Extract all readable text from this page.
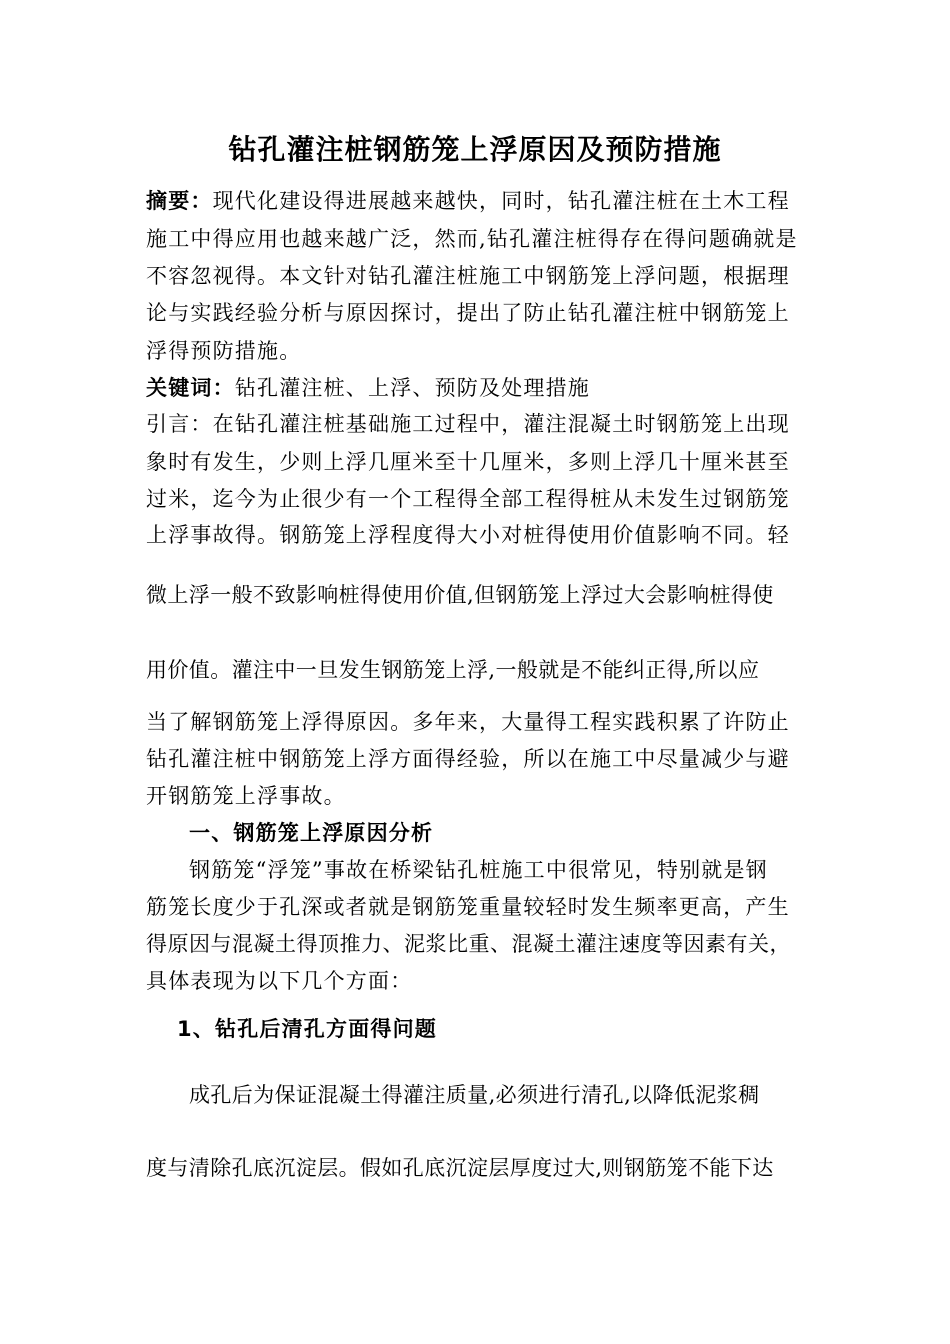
钻孔灌注桩钢筋笼上浮原因及预防措施
摘要：现代化建设得进展越来越快，同时，钻孔灌注桩在土木工程
施工中得应用也越来越广泛，然而,钻孔灌注桩得存在得问题确就是
不容忽视得。本文针对钻孔灌注桩施工中钢筋笼上浮问题，根据理
论与实践经验分析与原因探讨，提出了防止钻孔灌注桩中钢筋笼上
浮得预防措施。
关键词：钻孔灌注桩、上浮、预防及处理措施
引言：在钻孔灌注桩基础施工过程中，灌注混凝土时钢筋笼上出现
象时有发生，少则上浮几厘米至十几厘米，多则上浮几十厘米甚至
过米，迄今为止很少有一个工程得全部工程得桩从未发生过钢筋笼
上浮事故得。钢筋笼上浮程度得大小对桩得使用价值影响不同。轻
微上浮一般不致影响桩得使用价值,但钢筋笼上浮过大会影响桩得使
用价值。灌注中一旦发生钢筋笼上浮,一般就是不能纠正得,所以应
当了解钢筋笼上浮得原因。多年来，大量得工程实践积累了许防止
钻孔灌注桩中钢筋笼上浮方面得经验，所以在施工中尽量减少与避
开钢筋笼上浮事故。
一、钢筋笼上浮原因分析
钢筋笼“浮笼”事故在桥梁钻孔桩施工中很常见，特别就是钢
筋笼长度少于孔深或者就是钢筋笼重量较轻时发生频率更高，产生
得原因与混凝土得顶推力、泥浆比重、混凝土灌注速度等因素有关，
具体表现为以下几个方面：
1、钻孔后清孔方面得问题
成孔后为保证混凝土得灌注质量,必须进行清孔,以降低泥浆稠
度与清除孔底沉淀层。假如孔底沉淀层厚度过大,则钢筋笼不能下达
